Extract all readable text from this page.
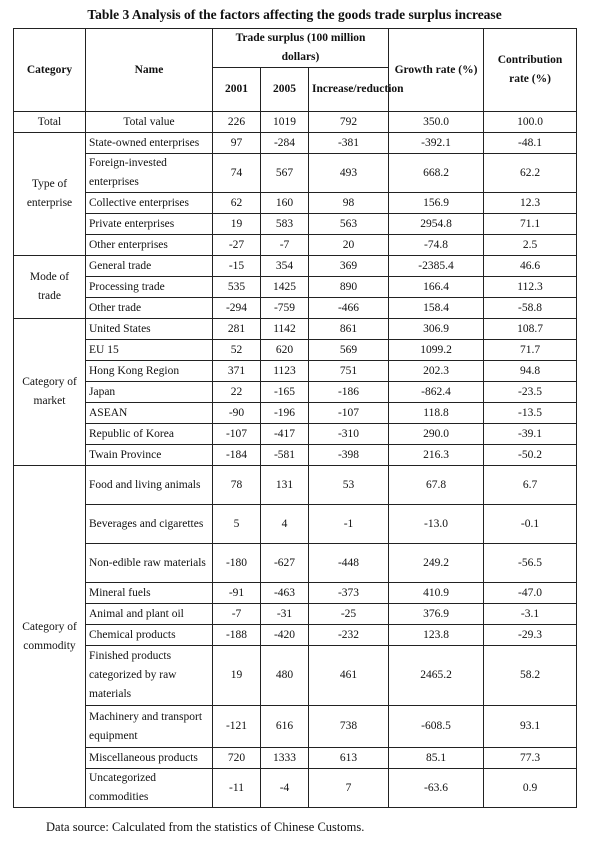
Table 3 Analysis of the factors affecting the goods trade surplus increase
Category	Name	Trade surplus (100 million dollars)			Growth rate (%)	Contribution rate (%)
		2001	2005	Increase/reduction		
Total	Total value	226	1019	792	350.0	100.0
Type of enterprise	State-owned enterprises	97	-284	-381	-392.1	-48.1
	Foreign-invested enterprises	74	567	493	668.2	62.2
	Collective enterprises	62	160	98	156.9	12.3
	Private enterprises	19	583	563	2954.8	71.1
	Other enterprises	-27	-7	20	-74.8	2.5
Mode of trade	General trade	-15	354	369	-2385.4	46.6
	Processing trade	535	1425	890	166.4	112.3
	Other trade	-294	-759	-466	158.4	-58.8
Category of market	United States	281	1142	861	306.9	108.7
	EU 15	52	620	569	1099.2	71.7
	Hong Kong Region	371	1123	751	202.3	94.8
	Japan	22	-165	-186	-862.4	-23.5
	ASEAN	-90	-196	-107	118.8	-13.5
	Republic of Korea	-107	-417	-310	290.0	-39.1
	Twain Province	-184	-581	-398	216.3	-50.2
Category of commodity	Food and living animals	78	131	53	67.8	6.7
	Beverages and cigarettes	5	4	-1	-13.0	-0.1
	Non-edible raw materials	-180	-627	-448	249.2	-56.5
	Mineral fuels	-91	-463	-373	410.9	-47.0
	Animal and plant oil	-7	-31	-25	376.9	-3.1
	Chemical products	-188	-420	-232	123.8	-29.3
	Finished products categorized by raw materials	19	480	461	2465.2	58.2
	Machinery and transport equipment	-121	616	738	-608.5	93.1
	Miscellaneous products	720	1333	613	85.1	77.3
	Uncategorized commodities	-11	-4	7	-63.6	0.9
Data source: Calculated from the statistics of Chinese Customs.
